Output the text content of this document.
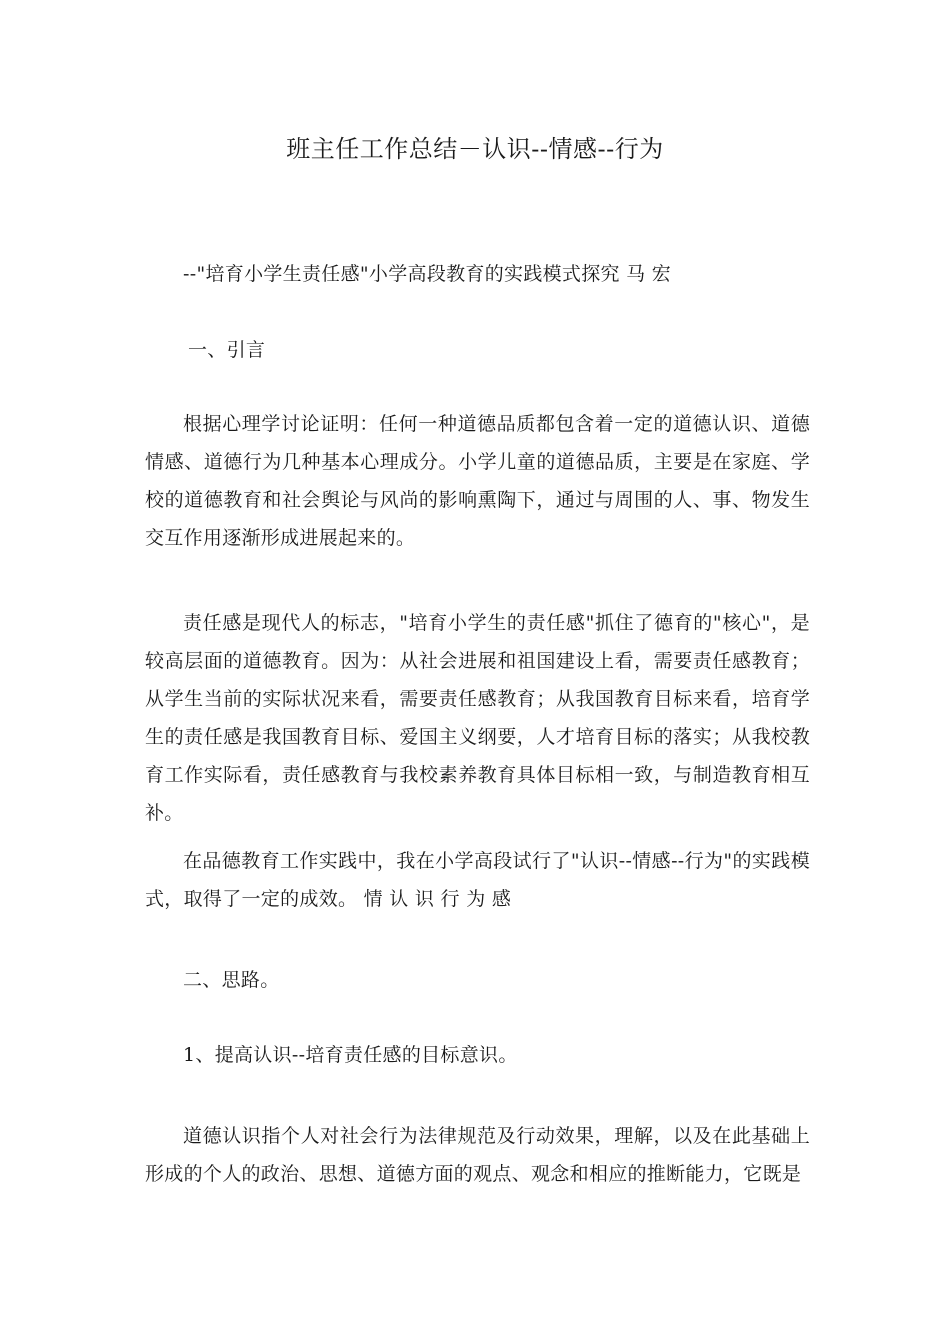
班主任工作总结－认识--情感--行为
--"培育小学生责任感"小学高段教育的实践模式探究 马 宏
一、引言

根据心理学讨论证明：任何一种道德品质都包含着一定的道德认识、道德情感、道德行为几种基本心理成分。小学儿童的道德品质，主要是在家庭、学校的道德教育和社会舆论与风尚的影响熏陶下，通过与周围的人、事、物发生交互作用逐渐形成进展起来的。

责任感是现代人的标志，"培育小学生的责任感"抓住了德育的"核心"，是较高层面的道德教育。因为：从社会进展和祖国建设上看，需要责任感教育；从学生当前的实际状况来看，需要责任感教育；从我国教育目标来看，培育学生的责任感是我国教育目标、爱国主义纲要，人才培育目标的落实；从我校教育工作实际看，责任感教育与我校素养教育具体目标相一致，与制造教育相互补。

在品德教育工作实践中，我在小学高段试行了"认识--情感--行为"的实践模式，取得了一定的成效。 情 认 识 行 为 感

二、思路。
1、提高认识--培育责任感的目标意识。

道德认识指个人对社会行为法律规范及行动效果，理解，以及在此基础上形成的个人的政治、思想、道德方面的观点、观念和相应的推断能力，它既是
